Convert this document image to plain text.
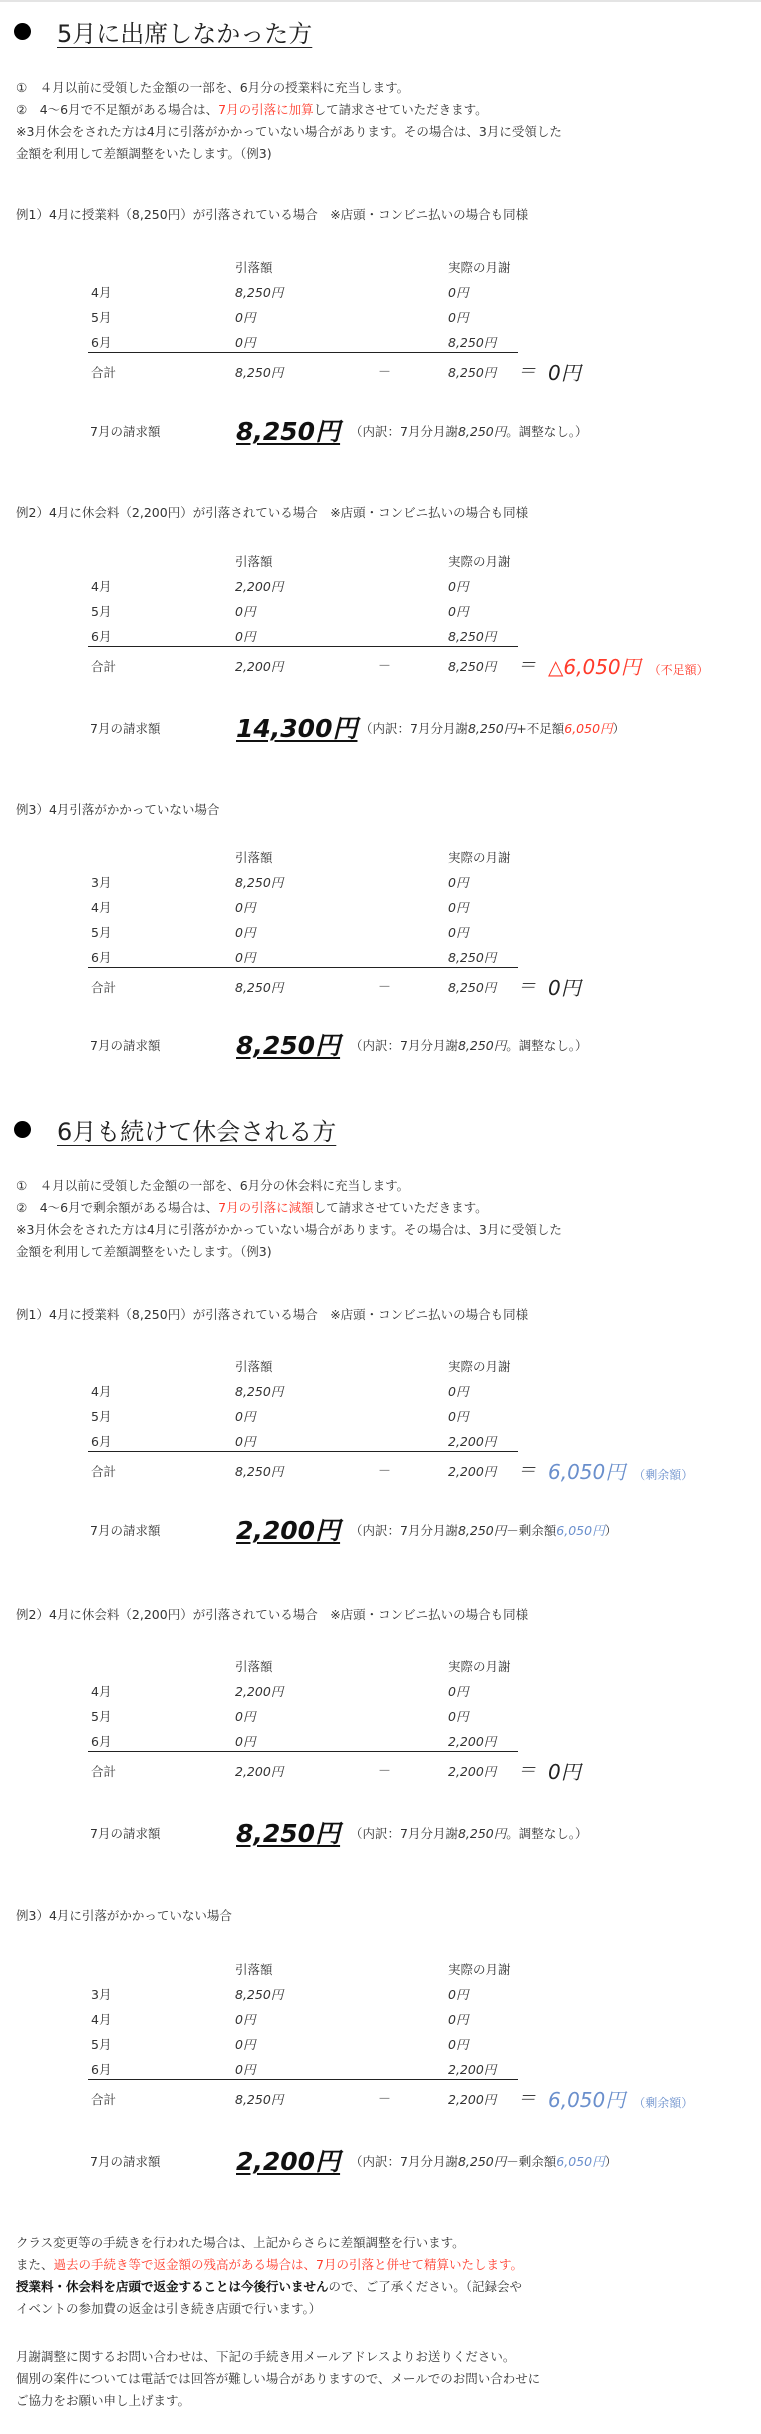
5月に出席しなかった方
①　４月以前に受領した金額の一部を、6月分の授業料に充当します。
②　4〜6月で不足額がある場合は、7月の引落に加算して請求させていただきます。
※3月休会をされた方は4月に引落がかかっていない場合があります。その場合は、3月に受領した
金額を利用して差額調整をいたします。（例3)
例1）4月に授業料（8,250円）が引落されている場合　※店頭・コンビニ払いの場合も同様
引落額	実際の月謝
4月	8,250円	0円
5月	0円	0円
6月	0円	8,250円
合計	8,250円	－	8,250円 ＝ 0円
7月の請求額	8,250円 （内訳：7月分月謝8,250円。調整なし。）
例2）4月に休会料（2,200円）が引落されている場合　※店頭・コンビニ払いの場合も同様
引落額	実際の月謝
4月	2,200円	0円
5月	0円	0円
6月	0円	8,250円
合計	2,200円	－	8,250円 ＝ △6,050円 （不足額）
7月の請求額	14,300円 （内訳：7月分月謝8,250円+不足額6,050円）
例3）4月引落がかかっていない場合
引落額	実際の月謝
3月	8,250円	0円
4月	0円	0円
5月	0円	0円
6月	0円	8,250円
合計	8,250円	－	8,250円 ＝ 0円
7月の請求額	8,250円 （内訳：7月分月謝8,250円。調整なし。）
6月も続けて休会される方
①　４月以前に受領した金額の一部を、6月分の休会料に充当します。
②　4〜6月で剰余額がある場合は、7月の引落に減額して請求させていただきます。
※3月休会をされた方は4月に引落がかかっていない場合があります。その場合は、3月に受領した
金額を利用して差額調整をいたします。（例3)
例1）4月に授業料（8,250円）が引落されている場合　※店頭・コンビニ払いの場合も同様
引落額	実際の月謝
4月	8,250円	0円
5月	0円	0円
6月	0円	2,200円
合計	8,250円	－	2,200円 ＝ 6,050円 （剰余額）
7月の請求額	2,200円 （内訳：7月分月謝8,250円－剰余額6,050円）
例2）4月に休会料（2,200円）が引落されている場合　※店頭・コンビニ払いの場合も同様
引落額	実際の月謝
4月	2,200円	0円
5月	0円	0円
6月	0円	2,200円
合計	2,200円	－	2,200円 ＝ 0円
7月の請求額	8,250円 （内訳：7月分月謝8,250円。調整なし。）
例3）4月に引落がかかっていない場合
引落額	実際の月謝
3月	8,250円	0円
4月	0円	0円
5月	0円	0円
6月	0円	2,200円
合計	8,250円	－	2,200円 ＝ 6,050円 （剰余額）
7月の請求額	2,200円 （内訳：7月分月謝8,250円－剰余額6,050円）
クラス変更等の手続きを行われた場合は、上記からさらに差額調整を行います。
また、過去の手続き等で返金額の残高がある場合は、7月の引落と併せて精算いたします。
授業料・休会料を店頭で返金することは今後行いませんので、ご了承ください。（記録会や
イベントの参加費の返金は引き続き店頭で行います。）
月謝調整に関するお問い合わせは、下記の手続き用メールアドレスよりお送りください。
個別の案件については電話では回答が難しい場合がありますので、メールでのお問い合わせに
ご協力をお願い申し上げます。
